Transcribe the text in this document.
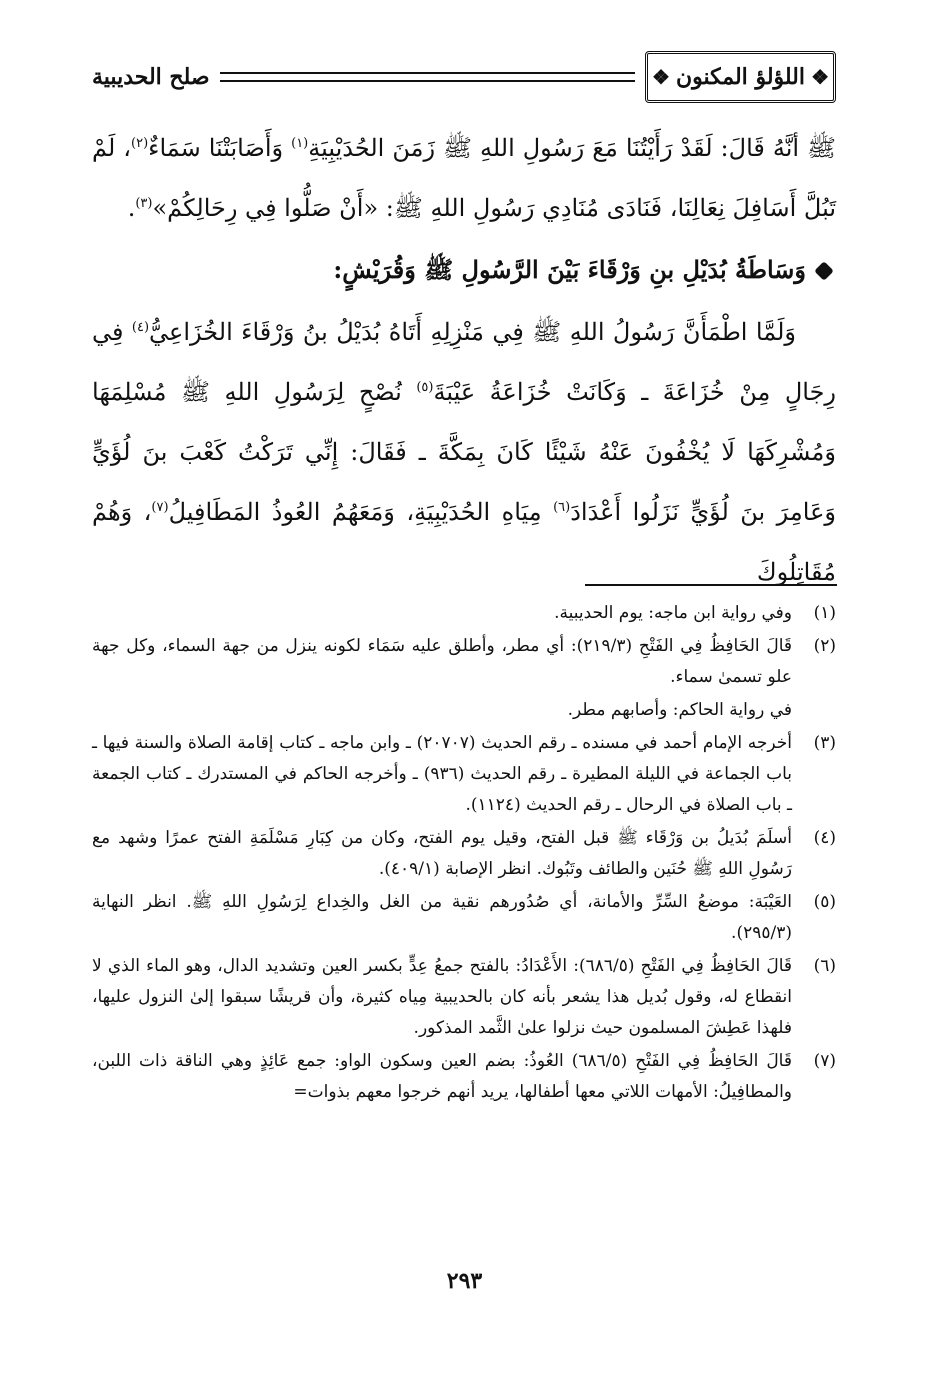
❖
اللؤلؤ المكنون
❖
صلح الحديبية

ﷺ أنَّهُ قَالَ: لَقَدْ رَأَيْتُنَا مَعَ رَسُولِ اللهِ ﷺ زَمَنَ الحُدَيْبِيَةِ$^{(١)}$ وَأَصَابَتْنَا سَمَاءٌ$^{(٢)}$، لَمْ تَبُلَّ أَسَافِلَ نِعَالِنَا، فَنَادَى مُنَادِي رَسُولِ اللهِ ﷺ: «أَنْ صَلُّوا فِي رِحَالِكُمْ»$^{(٣)}$.

وَسَاطَةُ بُدَيْلِ بنِ وَرْقَاءَ بَيْنَ الرَّسُولِ ﷺ وَقُرَيْشٍ:

وَلَمَّا اطْمَأَنَّ رَسُولُ اللهِ ﷺ فِي مَنْزِلِهِ أَتَاهُ بُدَيْلُ بنُ وَرْقَاءَ الخُزَاعِيُّ$^{(٤)}$ فِي رِجَالٍ مِنْ خُزَاعَةَ ـ وَكَانَتْ خُزَاعَةُ عَيْبَةَ$^{(٥)}$ نُصْحٍ لِرَسُولِ اللهِ ﷺ مُسْلِمَهَا وَمُشْرِكَهَا لَا يُخْفُونَ عَنْهُ شَيْئًا كَانَ بِمَكَّةَ ـ فَقَالَ: إِنِّي تَرَكْتُ كَعْبَ بنَ لُؤَيٍّ وَعَامِرَ بنَ لُؤَيٍّ نَزَلُوا أَعْدَادَ$^{(٦)}$ مِيَاهِ الحُدَيْبِيَةِ، وَمَعَهُمُ العُوذُ المَطَافِيلُ$^{(٧)}$، وَهُمْ مُقَاتِلُوكَ

(١)
وفي رواية ابن ماجه: يوم الحديبية.
(٢)
قَالَ الحَافِظُ فِي الفَتْحِ (٢١٩/٣): أي مطر، وأطلق عليه سَمَاء لكونه ينزل من جهة السماء، وكل جهة علو تسمىٰ سماء.
في رواية الحاكم: وأصابهم مطر.
(٣)
أخرجه الإمام أحمد في مسنده ـ رقم الحديث (٢٠٧٠٧) ـ وابن ماجه ـ كتاب إقامة الصلاة والسنة فيها ـ باب الجماعة في الليلة المطيرة ـ رقم الحديث (٩٣٦) ـ وأخرجه الحاكم في المستدرك ـ كتاب الجمعة ـ باب الصلاة في الرحال ـ رقم الحديث (١١٢٤).
(٤)
أسلَمَ بُدَيلُ بن وَرْقَاء ﷺ قبل الفتح، وقيل يوم الفتح، وكان من كِبَارِ مَسْلَمَةِ الفتح عمرًا وشهد مع رَسُولِ اللهِ ﷺ حُنَين والطائف وتَبُوك. انظر الإصابة (٤٠٩/١).
(٥)
العَيْبَة: موضعُ السِّرِّ والأمانة، أي صُدُورهم نقية من الغل والخِداع لِرَسُولِ اللهِ ﷺ. انظر النهاية (٢٩٥/٣).
(٦)
قَالَ الحَافِظُ فِي الفَتْحِ (٦٨٦/٥): الأَعْدَادُ: بالفتح جمعُ عِدٍّ بكسر العين وتشديد الدال، وهو الماء الذي لا انقطاع له، وقول بُديل هذا يشعر بأنه كان بالحديبية مِياه كثيرة، وأن قريشًا سبقوا إلىٰ النزول عليها، فلهذا عَطِشَ المسلمون حيث نزلوا علىٰ الثَّمد المذكور.
(٧)
قَالَ الحَافِظُ فِي الفَتْحِ (٦٨٦/٥) العُوذُ: بضم العين وسكون الواو: جمع عَائِذٍ وهي الناقة ذات اللبن، والمطافِيلُ: الأمهات اللاتي معها أطفالها، يريد أنهم خرجوا معهم بذوات=
٢٩٣
